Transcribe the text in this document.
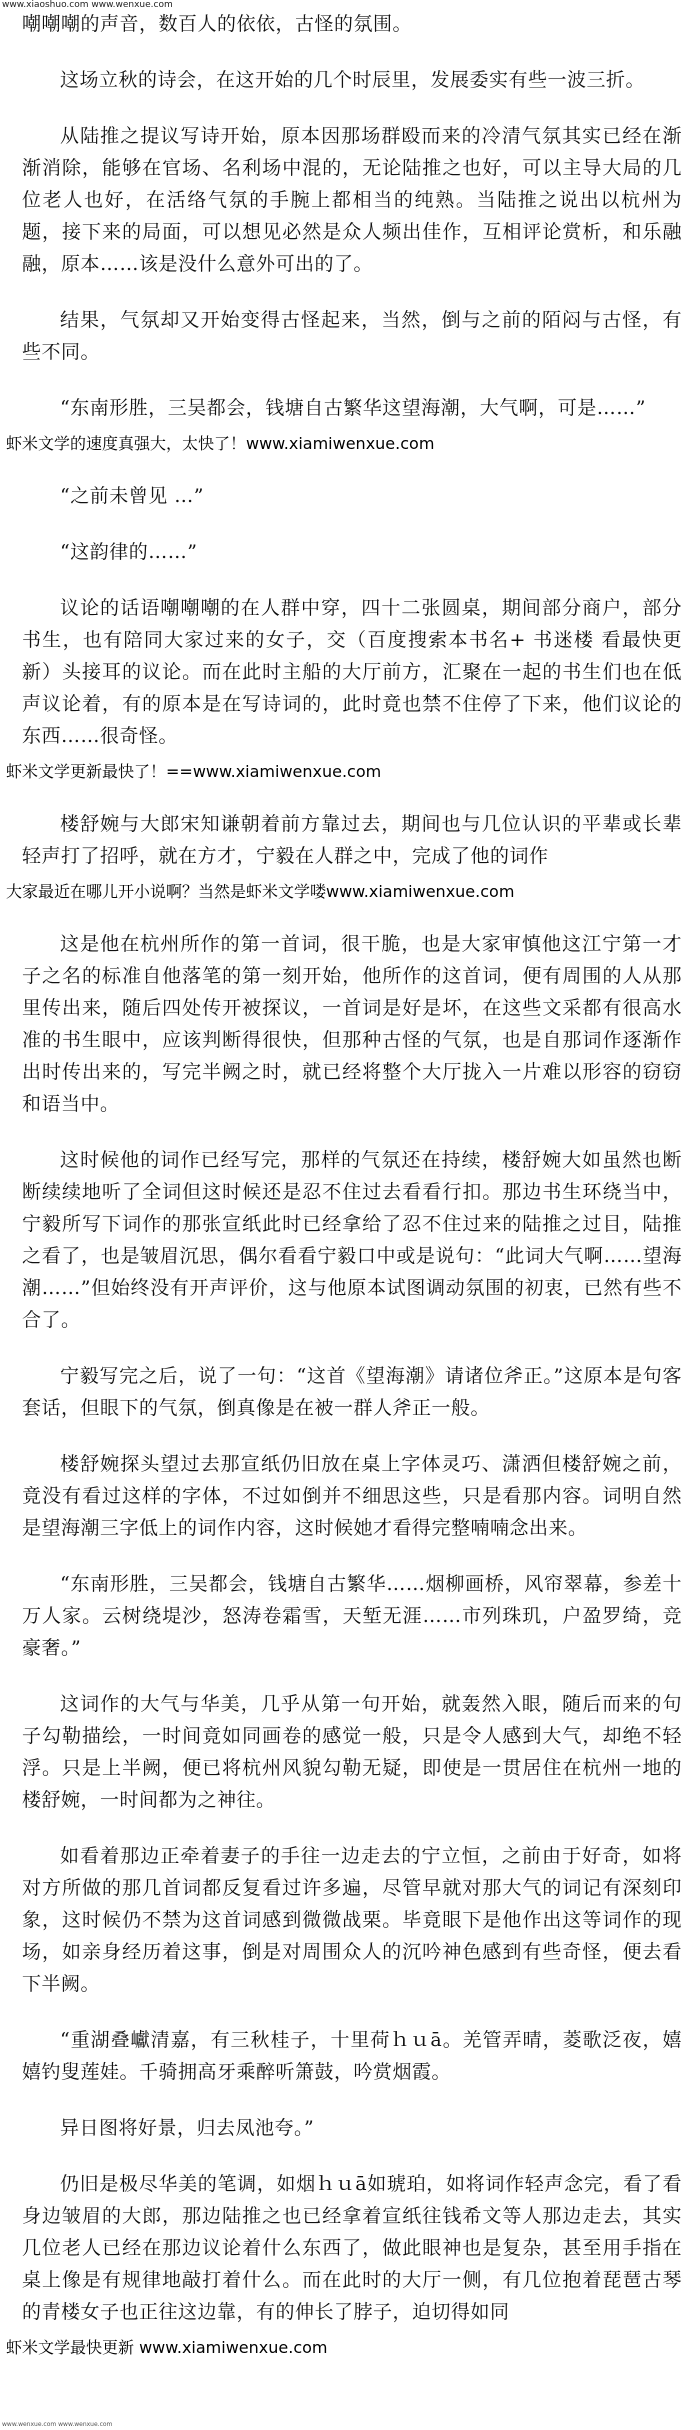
www.xiaoshuo.com www.wenxue.com

嘲嘲嘲的声音，数百人的依依，古怪的氛围。

这场立秋的诗会，在这开始的几个时辰里，发展委实有些一波三折。

从陆推之提议写诗开始，原本因那场群殴而来的冷清气氛其实已经在渐渐消除，能够在官场、名利场中混的，无论陆推之也好，可以主导大局的几位老人也好，在活络气氛的手腕上都相当的纯熟。当陆推之说出以杭州为题，接下来的局面，可以想见必然是众人频出佳作，互相评论赏析，和乐融融，原本……该是没什么意外可出的了。

结果，气氛却又开始变得古怪起来，当然，倒与之前的陌闷与古怪，有些不同。

“东南形胜，三吴都会，钱塘自古繁华这望海潮，大气啊，可是……”

虾米文学的速度真强大，太快了！www.xiamiwenxue.com

“之前未曾见 …”

“这韵律的……”

议论的话语嘲嘲嘲的在人群中穿，四十二张圆桌，期间部分商户，部分书生，也有陪同大家过来的女子，交（百度搜索本书名+ 书迷楼 看最快更新）头接耳的议论。而在此时主船的大厅前方，汇聚在一起的书生们也在低声议论着，有的原本是在写诗词的，此时竟也禁不住停了下来，他们议论的东西……很奇怪。

虾米文学更新最快了！==www.xiamiwenxue.com

楼舒婉与大郎宋知谦朝着前方靠过去，期间也与几位认识的平辈或长辈轻声打了招呼，就在方才，宁毅在人群之中，完成了他的词作

大家最近在哪儿开小说啊？当然是虾米文学喽www.xiamiwenxue.com

这是他在杭州所作的第一首词，很干脆，也是大家审慎他这江宁第一才子之名的标准自他落笔的第一刻开始，他所作的这首词，便有周围的人从那里传出来，随后四处传开被探议，一首词是好是坏，在这些文采都有很高水准的书生眼中，应该判断得很快，但那种古怪的气氛，也是自那词作逐渐作出时传出来的，写完半阙之时，就已经将整个大厅拢入一片难以形容的窃窃和语当中。

这时候他的词作已经写完，那样的气氛还在持续，楼舒婉大如虽然也断断续续地听了全词但这时候还是忍不住过去看看行扣。那边书生环绕当中，宁毅所写下词作的那张宣纸此时已经拿给了忍不住过来的陆推之过目，陆推之看了，也是皱眉沉思，偶尔看看宁毅口中或是说句：“此词大气啊……望海潮……”但始终没有开声评价，这与他原本试图调动氛围的初衷，已然有些不合了。

宁毅写完之后，说了一句：“这首《望海潮》请诸位斧正。”这原本是句客套话，但眼下的气氛，倒真像是在被一群人斧正一般。

楼舒婉探头望过去那宣纸仍旧放在桌上字体灵巧、潇洒但楼舒婉之前，竟没有看过这样的字体，不过如倒并不细思这些，只是看那内容。词明自然是望海潮三字低上的词作内容，这时候她才看得完整喃喃念出来。

“东南形胜，三吴都会，钱塘自古繁华……烟柳画桥，风帘翠幕，参差十万人家。云树绕堤沙，怒涛卷霜雪，天堑无涯……市列珠玑，户盈罗绮，竞豪奢。”

这词作的大气与华美，几乎从第一句开始，就轰然入眼，随后而来的句子勾勒描绘，一时间竟如同画卷的感觉一般，只是令人感到大气，却绝不轻浮。只是上半阙，便已将杭州风貌勾勒无疑，即使是一贯居住在杭州一地的楼舒婉，一时间都为之神往。

如看着那边正牵着妻子的手往一边走去的宁立恒，之前由于好奇，如将对方所做的那几首词都反复看过许多遍，尽管早就对那大气的词记有深刻印象，这时候仍不禁为这首词感到微微战栗。毕竟眼下是他作出这等词作的现场，如亲身经历着这事，倒是对周围众人的沉吟神色感到有些奇怪，便去看下半阙。

“重湖叠巘清嘉，有三秋桂子，十里荷ｈｕā。羌管弄晴，菱歌泛夜，嬉嬉钓叟莲娃。千骑拥高牙乘醉听箫鼓，吟赏烟霞。

异日图将好景，归去凤池夸。”

仍旧是极尽华美的笔调，如烟ｈｕā如琥珀，如将词作轻声念完，看了看身边皱眉的大郎，那边陆推之也已经拿着宣纸往钱希文等人那边走去，其实几位老人已经在那边议论着什么东西了，做此眼神也是复杂，甚至用手指在桌上像是有规律地敲打着什么。而在此时的大厅一侧，有几位抱着琵琶古琴的青楼女子也正往这边靠，有的伸长了脖子，迫切得如同

虾米文学最快更新 www.xiamiwenxue.com
www.wenxue.com www.wenxue.com
